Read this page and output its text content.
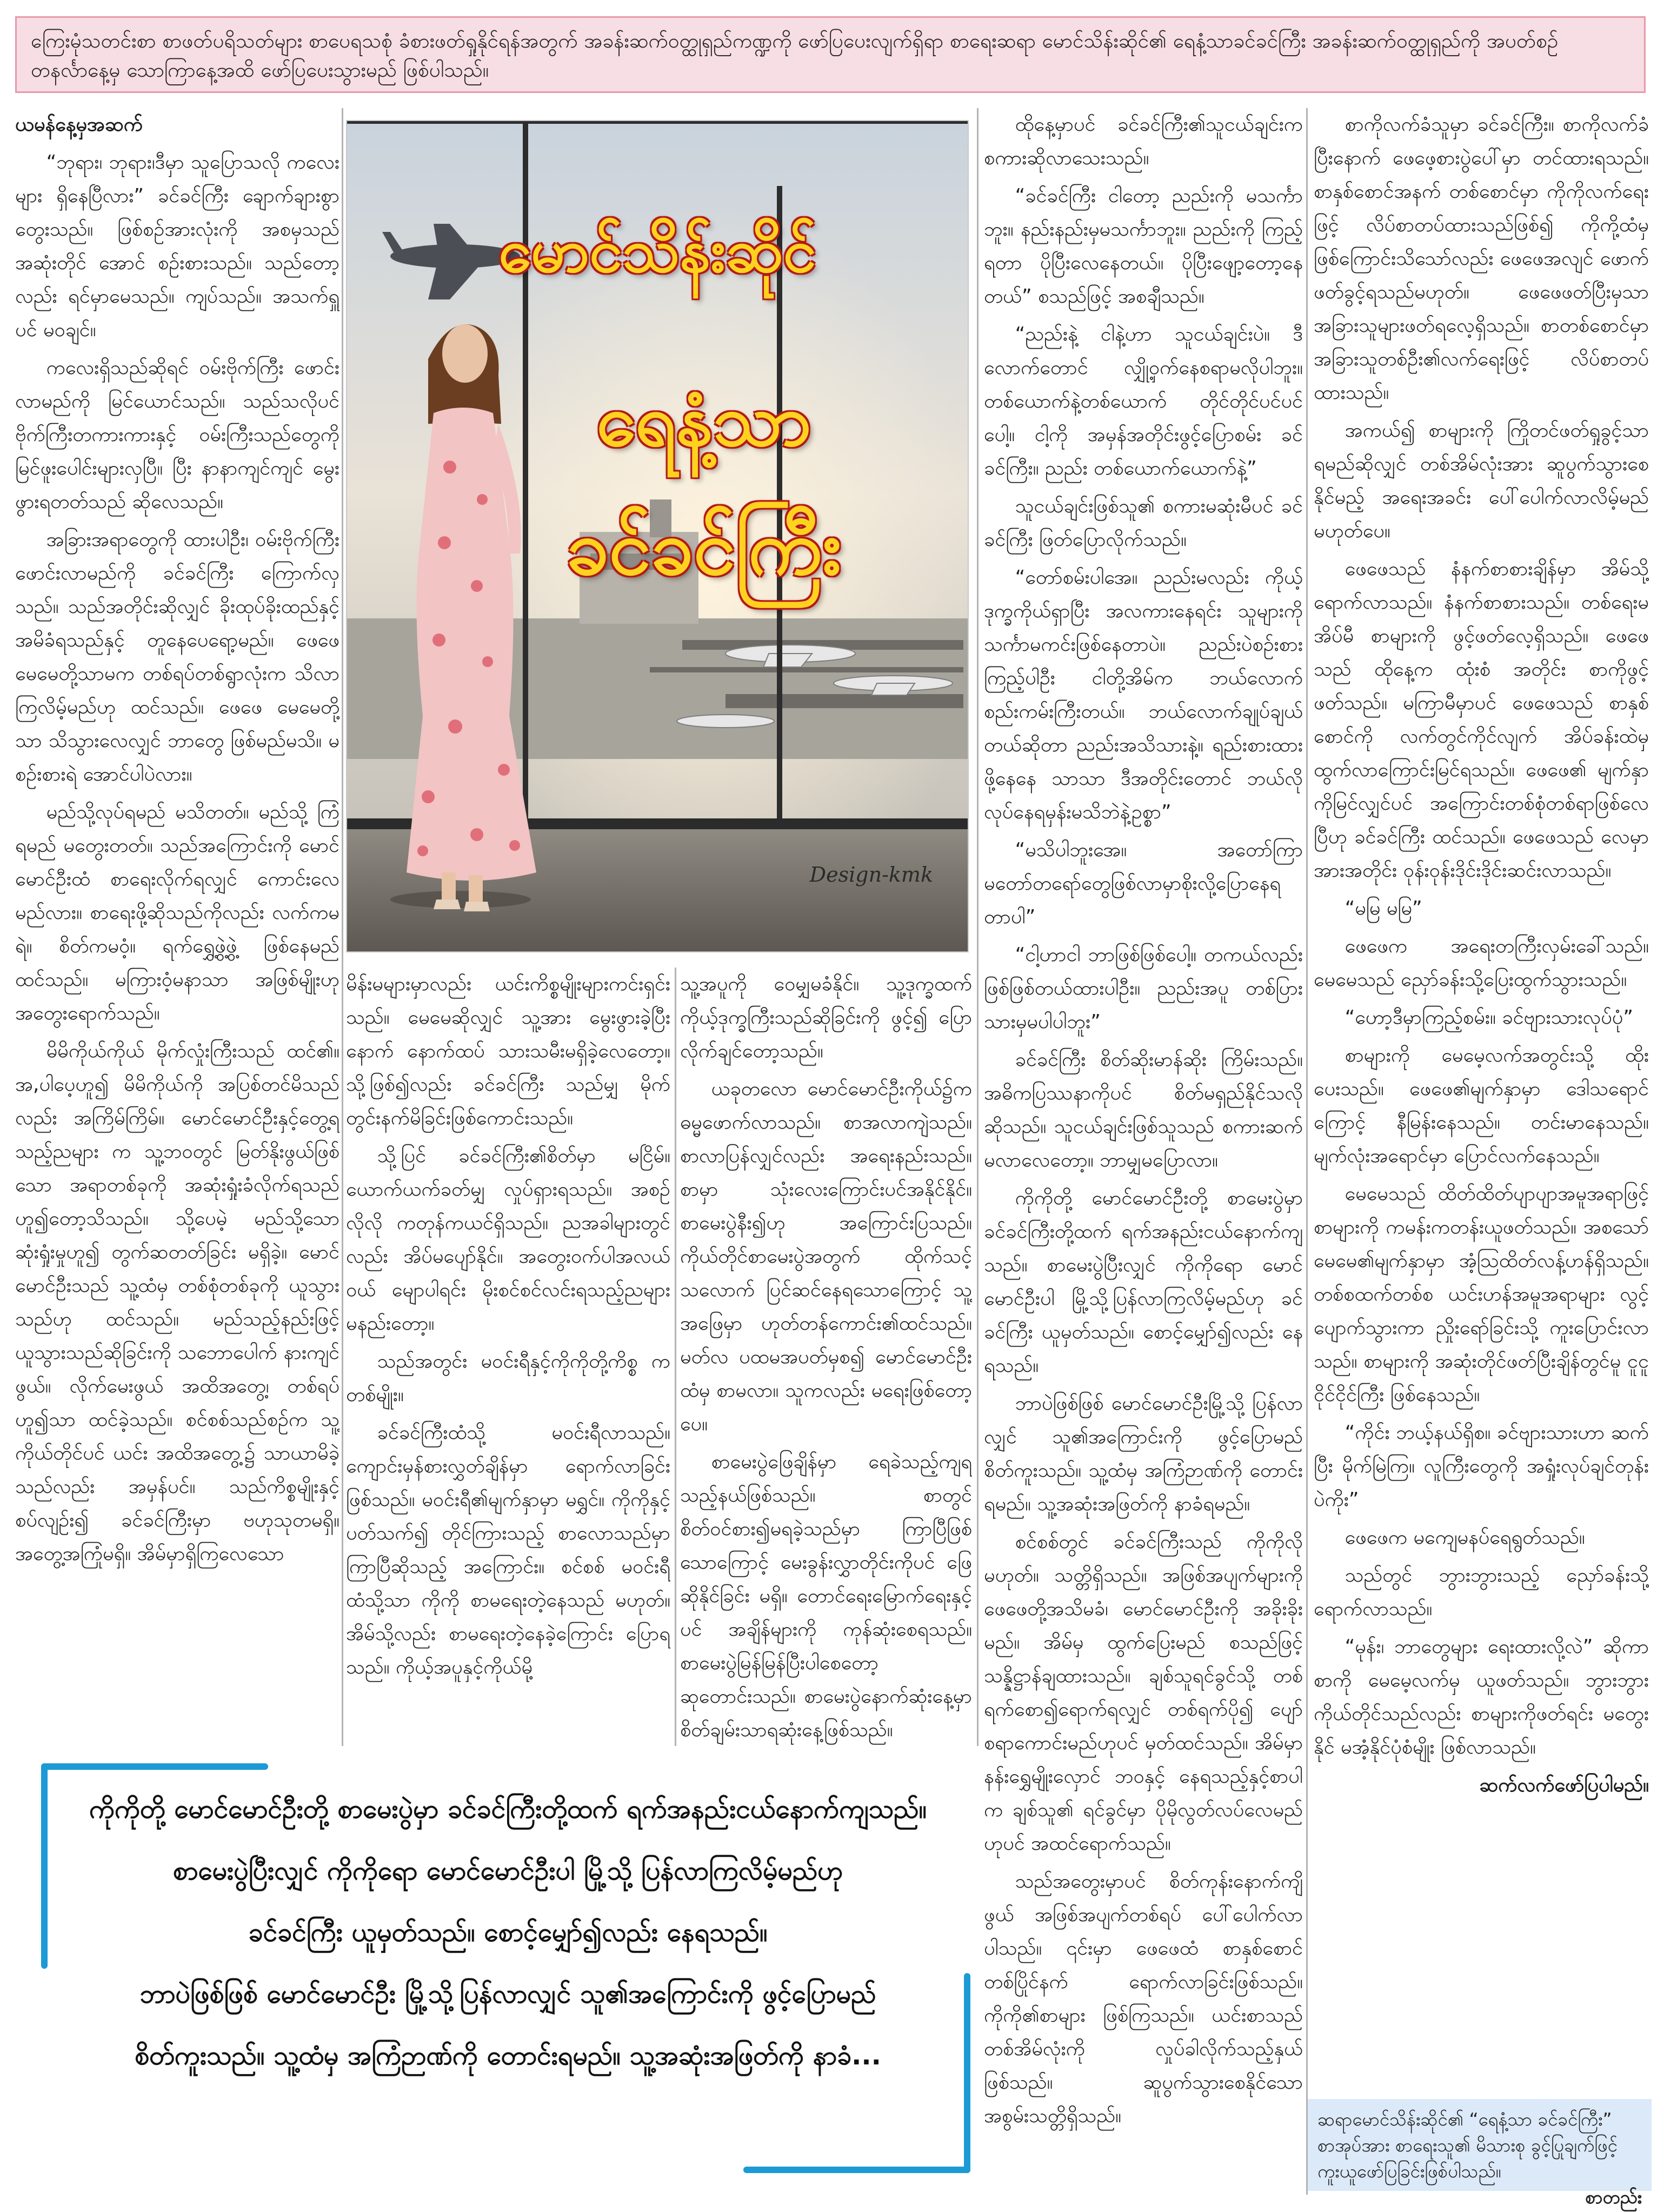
ကြေးမုံသတင်းစာ စာဖတ်ပရိသတ်များ စာပေရသစုံ ခံစားဖတ်ရှုနိုင်ရန်အတွက် အခန်းဆက်ဝတ္ထုရှည်ကဏ္ဍကို ဖော်ပြပေးလျက်ရှိရာ စာရေးဆရာ မောင်သိန်းဆိုင်၏ ရေနံ့သာခင်ခင်ကြီး အခန်းဆက်ဝတ္ထုရှည်ကို အပတ်စဉ် တနင်္လာနေ့မှ သောကြာနေ့အထိ ဖော်ပြပေးသွားမည် ဖြစ်ပါသည်။

ယမန်နေ့မှအဆက်

“ဘုရား၊ ဘုရား၊ဒီမှာ သူပြောသလို ကလေးများ ရှိနေပြီလား” ခင်ခင်ကြီး ချောက်ချားစွာ တွေးသည်။ ဖြစ်စဉ်အားလုံးကို အစမှသည် အဆုံးတိုင် အောင် စဉ်းစားသည်။ သည်တော့လည်း ရင်မှာမေသည်။ ကျပ်သည်။ အသက်ရှူပင် မဝချင်။

ကလေးရှိသည်ဆိုရင် ဝမ်းဗိုက်ကြီး ဖောင်းလာမည်ကို မြင်ယောင်သည်။ သည်သလိုပင် ဗိုက်ကြီးတကားကားနှင့် ဝမ်းကြီးသည်တွေကို မြင်ဖူးပေါင်းများလှပြီ။ ပြီး နာနာကျင်ကျင် မွေးဖွားရတတ်သည် ဆိုလေသည်။

အခြားအရာတွေကို ထားပါဦး၊ ဝမ်းဗိုက်ကြီးဖောင်းလာမည်ကို ခင်ခင်ကြီး ကြောက်လှသည်။ သည်အတိုင်းဆိုလျှင် ခိုးထုပ်ခိုးထည်နှင့် အမိခံရသည်နှင့် တူနေပေရော့မည်။ ဖေဖေ မေမေတို့သာမက တစ်ရပ်တစ်ရွာလုံးက သိလာကြလိမ့်မည်ဟု ထင်သည်။ ဖေဖေ မေမေတို့သာ သိသွားလေလျှင် ဘာတွေ ဖြစ်မည်မသိ။ မစဉ်းစားရဲ အောင်ပါပဲလား။

မည်သို့လုပ်ရမည် မသိတတ်။ မည်သို့ ကြံရမည် မတွေးတတ်။ သည်အကြောင်းကို မောင်မောင်ဦးထံ စာရေးလိုက်ရလျှင် ကောင်းလေမည်လား။ စာရေးဖို့ဆိုသည်ကိုလည်း လက်ကမရဲ။ စိတ်ကမဝံ့။ ရက်ရွှေ့ဖွဲ့ဖွဲ့ ဖြစ်နေမည်ထင်သည်။ မကြားဝံ့မနာသာ အဖြစ်မျိုးဟု အတွေးရောက်သည်။

မိမိကိုယ်ကိုယ် မိုက်လှုံးကြီးသည် ထင်၏။ အ,ပါပေ့ဟူ၍ မိမိကိုယ်ကို အပြစ်တင်မိသည်လည်း အကြိမ်ကြိမ်။ မောင်မောင်ဦးနှင့်တွေ့ရသည့်ညများ က သူ့ဘဝတွင် မြတ်နိုးဖွယ်ဖြစ်သော အရာတစ်ခုကို အဆုံးရှုံးခံလိုက်ရသည်ဟူ၍တော့သိသည်။ သို့ပေမဲ့ မည်သို့သော ဆုံးရှုံးမှုဟူ၍ တွက်ဆတတ်ခြင်း မရှိခဲ့။ မောင်မောင်ဦးသည် သူ့ထံမှ တစ်စုံတစ်ခုကို ယူသွားသည်ဟု ထင်သည်။ မည်သည့်နည်းဖြင့် ယူသွားသည်ဆိုခြင်းကို သဘောပေါက် နားကျင်ဖွယ်။ လိုက်မေးဖွယ် အထိအတွေ့၊ တစ်ရပ်ဟူ၍သာ ထင်ခဲ့သည်။ စင်စစ်သည်စဉ်က သူ့ကိုယ်တိုင်ပင် ယင်း အထိအတွေ့၌ သာယာမိခဲ့သည်လည်း အမှန်ပင်။ သည်ကိစ္စမျိုးနှင့် စပ်လျဉ်း၍ ခင်ခင်ကြီးမှာ ဗဟုသုတမရှိ။ အတွေ့အကြုံမရှိ။ အိမ်မှာရှိကြလေသော

မောင်သိန်းဆိုင်
ရေနံ့သာ
ခင်ခင်ကြီး
Design-kmk

မိန်းမများမှာလည်း ယင်းကိစ္စမျိုးများကင်းရှင်းသည်။ မေမေဆိုလျှင် သူ့အား မွေးဖွားခဲ့ပြီးနောက် နောက်ထပ် သားသမီးမရှိခဲ့လေတော့။ သို့ဖြစ်၍လည်း ခင်ခင်ကြီး သည်မျှ မိုက်တွင်းနက်မိခြင်းဖြစ်ကောင်းသည်။

သို့ပြင် ခင်ခင်ကြီး၏စိတ်မှာ မငြိမ်။ ယောက်ယက်ခတ်မျှ လှုပ်ရှားရသည်။ အစဉ်လိုလို ကတုန်ကယင်ရှိသည်။ ညအခါများတွင်လည်း အိပ်မပျော်နိုင်။ အတွေးဝက်ပါအလယ်ဝယ် မျောပါရင်း မိုးစင်စင်လင်းရသည့်ညများ မနည်းတော့။

သည်အတွင်း မဝင်းရီနှင့်ကိုကိုတို့ကိစ္စ က တစ်မျိုး။

ခင်ခင်ကြီးထံသို့ မဝင်းရီလာသည်။ ကျောင်းမှန်စားလွှတ်ချိန်မှာ ရောက်လာခြင်းဖြစ်သည်။ မဝင်းရီ၏မျက်နှာမှာ မရွှင်။ ကိုကိုနှင့်ပတ်သက်၍ တိုင်ကြားသည့် စာလောသည်မှာ ကြာပြီဆိုသည့် အကြောင်း။ စင်စစ် မဝင်းရီထံသို့သာ ကိုကို စာမရေးတဲ့နေသည် မဟုတ်။ အိမ်သို့လည်း စာမရေးတဲ့နေခဲ့ကြောင်း ပြောရသည်။ ကိုယ့်အပူနှင့်ကိုယ်မို့

သူ့အပူကို ဝေမျှမခံနိုင်။ သူ့ဒုက္ခထက် ကိုယ့်ဒုက္ခကြီးသည်ဆိုခြင်းကို ဖွင့်၍ ပြောလိုက်ချင်တော့သည်။

ယခုတလော မောင်မောင်ဦးကိုယ်၌က ဓမ္မဖောက်လာသည်။ စာအလာကျဲသည်။ စာလာပြန်လျှင်လည်း အရေးနည်းသည်။ စာမှာ သုံးလေးကြောင်းပင်အနိုင်နိုင်။ စာမေးပွဲနီး၍ဟု အကြောင်းပြသည်။ ကိုယ်တိုင်စာမေးပွဲအတွက် ထိုက်သင့်သလောက် ပြင်ဆင်နေရသောကြောင့် သူ့အဖြေမှာ ဟုတ်တန်ကောင်း၏ထင်သည်။ မတ်လ ပထမအပတ်မှစ၍ မောင်မောင်ဦးထံမှ စာမလာ။ သူကလည်း မရေးဖြစ်တော့ပေ။

စာမေးပွဲဖြေချိန်မှာ ရေခဲသည့်ကျရသည့်နယ်ဖြစ်သည်။ စာတွင် စိတ်ဝင်စား၍မရခဲ့သည်မှာ ကြာပြီဖြစ်သောကြောင့် မေးခွန်းလွှာတိုင်းကိုပင် ဖြေဆိုနိုင်ခြင်း မရှိ။ တောင်ရေးမြောက်ရေးနှင့်ပင် အချိန်များကို ကုန်ဆုံးစေရသည်။ စာမေးပွဲမြန်မြန်ပြီးပါစေတော့ ဆုတောင်းသည်။ စာမေးပွဲနောက်ဆုံးနေ့မှာ စိတ်ချမ်းသာရဆုံးနေ့ဖြစ်သည်။

ထိုနေ့မှာပင် ခင်ခင်ကြီး၏သူငယ်ချင်းက စကားဆိုလာသေးသည်။

“ခင်ခင်ကြီး ငါတော့ ညည်းကို မသင်္ကာဘူး။ နည်းနည်းမှမသင်္ကာဘူး။ ညည်းကို ကြည့်ရတာ ပိုပြီးလေနေတယ်။ ပိုပြီးဖျော့တော့နေတယ်” စသည်ဖြင့် အစချီသည်။

“ညည်းနဲ့ ငါနဲ့ဟာ သူငယ်ချင်းပဲ။ ဒီလောက်တောင် လျှို့ဝှက်နေစရာမလိုပါဘူး။ တစ်ယောက်နဲ့တစ်ယောက် တိုင်တိုင်ပင်ပင်ပေါ့။ ငါ့ကို အမှန်အတိုင်းဖွင့်ပြောစမ်း ခင်ခင်ကြီး။ ညည်း တစ်ယောက်ယောက်နဲ့”

သူငယ်ချင်းဖြစ်သူ၏ စကားမဆုံးမီပင် ခင်ခင်ကြီး ဖြတ်ပြောလိုက်သည်။

“တော်စမ်းပါအေ။ ညည်းမလည်း ကိုယ့်ဒုက္ခကိုယ်ရှာပြီး အလကားနေရင်း သူများကို သင်္ကာမကင်းဖြစ်နေတာပဲ။ ညည်းပဲစဉ်းစားကြည့်ပါဦး ငါတို့အိမ်က ဘယ်လောက်စည်းကမ်းကြီးတယ်။ ဘယ်လောက်ချုပ်ချယ်တယ်ဆိုတာ ညည်းအသိသားနဲ့။ ရည်းစားထားဖို့နေနေ သာသာ ဒီအတိုင်းတောင် ဘယ်လိုလုပ်နေရမှန်းမသိဘဲနဲ့ဥစ္စာ”

“မသိပါဘူးအေ။ အတော်ကြာ မတော်တရော်တွေဖြစ်လာမှာစိုးလို့ပြောနေရတာပါ”

“ငါ့ဟာငါ ဘာဖြစ်ဖြစ်ပေါ့။ တကယ်လည်းဖြစ်ဖြစ်တယ်ထားပါဦး။ ညည်းအပူ တစ်ပြားသားမှမပါပါဘူး”

ခင်ခင်ကြီး စိတ်ဆိုးမာန်ဆိုး ကြိမ်းသည်။ အဓိကပြဿနာကိုပင် စိတ်မရှည်နိုင်သလိုဆိုသည်။ သူငယ်ချင်းဖြစ်သူသည် စကားဆက်မလာလေတော့။ ဘာမျှမပြောလာ။

ကိုကိုတို့ မောင်မောင်ဦးတို့ စာမေးပွဲမှာ ခင်ခင်ကြီးတို့ထက် ရက်အနည်းငယ်နောက်ကျသည်။ စာမေးပွဲပြီးလျှင် ကိုကိုရော မောင်မောင်ဦးပါ မြို့သို့ပြန်လာကြလိမ့်မည်ဟု ခင်ခင်ကြီး ယူမှတ်သည်။ စောင့်မျှော်၍လည်း နေရသည်။

ဘာပဲဖြစ်ဖြစ် မောင်မောင်ဦးမြို့သို့ ပြန်လာလျှင် သူ၏အကြောင်းကို ဖွင့်ပြောမည် စိတ်ကူးသည်။ သူ့ထံမှ အကြံဉာဏ်ကို တောင်းရမည်။ သူ့အဆုံးအဖြတ်ကို နာခံရမည်။

စင်စစ်တွင် ခင်ခင်ကြီးသည် ကိုကိုလိုမဟုတ်။ သတ္တိရှိသည်။ အဖြစ်အပျက်များကို ဖေဖေတို့အသိမခံ၊ မောင်မောင်ဦးကို အခိုးခိုးမည်။ အိမ်မှ ထွက်ပြေးမည် စသည်ဖြင့် သန္နိဋ္ဌာန်ချထားသည်။ ချစ်သူရင်ခွင်သို့ တစ်ရက်စော၍ရောက်ရလျှင် တစ်ရက်ပို၍ ပျော်စရာကောင်းမည်ဟုပင် မှတ်ထင်သည်။ အိမ်မှာ နန်းရွှေမျိုးလှောင် ဘဝနှင့် နေရသည့်နှင့်စာပါက ချစ်သူ၏ ရင်ခွင်မှာ ပိုမိုလွတ်လပ်လေမည်ဟုပင် အထင်ရောက်သည်။

သည်အတွေးမှာပင် စိတ်ကုန်းနောက်ကျိဖွယ် အဖြစ်အပျက်တစ်ရပ် ပေါ်ပေါက်လာပါသည်။ ၎င်းမှာ ဖေဖေထံ စာနှစ်စောင် တစ်ပြိုင်နက် ရောက်လာခြင်းဖြစ်သည်။ ကိုကို၏စာများ ဖြစ်ကြသည်။ ယင်းစာသည် တစ်အိမ်လုံးကို လှုပ်ခါလိုက်သည့်နှယ်ဖြစ်သည်။ ဆူပွက်သွားစေနိုင်သော အစွမ်းသတ္တိရှိသည်။

စာကိုလက်ခံသူမှာ ခင်ခင်ကြီး။ စာကိုလက်ခံပြီးနောက် ဖေဖေ့စားပွဲပေါ်မှာ တင်ထားရသည်။ စာနှစ်စောင်အနက် တစ်စောင်မှာ ကိုကိုလက်ရေးဖြင့် လိပ်စာတပ်ထားသည်ဖြစ်၍ ကိုကို့ထံမှဖြစ်ကြောင်းသိသော်လည်း ဖေဖေအလျင် ဖောက်ဖတ်ခွင့်ရသည်မဟုတ်။ ဖေဖေဖတ်ပြီးမှသာ အခြားသူများဖတ်ရလေ့ရှိသည်။ စာတစ်စောင်မှာ အခြားသူတစ်ဦး၏လက်ရေးဖြင့် လိပ်စာတပ်ထားသည်။

အကယ်၍ စာများကို ကြိုတင်ဖတ်ရှုခွင့်သာ ရမည်ဆိုလျှင် တစ်အိမ်လုံးအား ဆူပွက်သွားစေနိုင်မည့် အရေးအခင်း ပေါ်ပေါက်လာလိမ့်မည်မဟုတ်ပေ။

ဖေဖေသည် နံနက်စာစားချိန်မှာ အိမ်သို့ရောက်လာသည်။ နံနက်စာစားသည်။ တစ်ရေးမအိပ်မီ စာများကို ဖွင့်ဖတ်လေ့ရှိသည်။ ဖေဖေသည် ထိုနေ့က ထုံးစံ အတိုင်း စာကိုဖွင့်ဖတ်သည်။ မကြာမီမှာပင် ဖေဖေသည် စာနှစ်စောင်ကို လက်တွင်ကိုင်လျက် အိပ်ခန်းထဲမှ ထွက်လာကြောင်းမြင်ရသည်။ ဖေဖေ၏ မျက်နှာကိုမြင်လျှင်ပင် အကြောင်းတစ်စုံတစ်ရာဖြစ်လေပြီဟု ခင်ခင်ကြီး ထင်သည်။ ဖေဖေသည် လေမှာအားအတိုင်း ဝုန်းဝုန်းဒိုင်းဒိုင်းဆင်းလာသည်။

“မမြ မမြ”

ဖေဖေက အရေးတကြီးလှမ်းခေါ်သည်။ မေမေသည် ညှော်ခန်းသို့ပြေးထွက်သွားသည်။

“ဟော့ဒီမှာကြည့်စမ်း။ ခင်ဗျားသားလုပ်ပုံ”

စာများကို မေမေ့လက်အတွင်းသို့ ထိုးပေးသည်။ ဖေဖေ၏မျက်နှာမှာ ဒေါသရောင်ကြောင့် နီမြန်းနေသည်။ တင်းမာနေသည်။ မျက်လုံးအရောင်မှာ ပြောင်လက်နေသည်။

မေမေသည် ထိတ်ထိတ်ပျာပျာအမူအရာဖြင့် စာများကို ကမန်းကတန်းယူဖတ်သည်။ အစသော် မေမေ၏မျက်နှာမှာ အံ့သြထိတ်လန့်ဟန်ရှိသည်။ တစ်စထက်တစ်စ ယင်းဟန်အမူအရာများ လွင့်ပျောက်သွားကာ ညှိုးရော်ခြင်းသို့ ကူးပြောင်းလာသည်။ စာများကို အဆုံးတိုင်ဖတ်ပြီးချိန်တွင်မူ ငူငူငိုင်ငိုင်ကြီး ဖြစ်နေသည်။

“ကိုင်း ဘယ့်နယ်ရှိစ။ ခင်ဗျားသားဟာ ဆက်ပြီး မိုက်မြဲကြ။ လူကြီးတွေကို အရှုံးလုပ်ချင်တုန်းပဲကိုး”

ဖေဖေက မကျေမနပ်ရေရွတ်သည်။

သည်တွင် ဘွားဘွားသည့် ညှော်ခန်းသို့ ရောက်လာသည်။

“မုန်း၊ ဘာတွေများ ရေးထားလို့လဲ” ဆိုကာ စာကို မေမေ့လက်မှ ယူဖတ်သည်။ ဘွားဘွားကိုယ်တိုင်သည်လည်း စာများကိုဖတ်ရင်း မတွေးနိုင် မအံ့နိုင်ပုံစံမျိုး ဖြစ်လာသည်။

ဆက်လက်ဖော်ပြပါမည်။

ကိုကိုတို့ မောင်မောင်ဦးတို့ စာမေးပွဲမှာ ခင်ခင်ကြီးတို့ထက် ရက်အနည်းငယ်နောက်ကျသည်။

စာမေးပွဲပြီးလျှင် ကိုကိုရော မောင်မောင်ဦးပါ မြို့သို့ ပြန်လာကြလိမ့်မည်ဟု

ခင်ခင်ကြီး ယူမှတ်သည်။ စောင့်မျှော်၍လည်း နေရသည်။

ဘာပဲဖြစ်ဖြစ် မောင်မောင်ဦး မြို့သို့ပြန်လာလျှင် သူ၏အကြောင်းကို ဖွင့်ပြောမည်

စိတ်ကူးသည်။ သူ့ထံမှ အကြံဉာဏ်ကို တောင်းရမည်။ သူ့အဆုံးအဖြတ်ကို နာခံ...

ဆရာမောင်သိန်းဆိုင်၏ “ရေနံ့သာ ခင်ခင်ကြီး” စာအုပ်အား စာရေးသူ၏ မိသားစု ခွင့်ပြုချက်ဖြင့် ကူးယူဖော်ပြခြင်းဖြစ်ပါသည်။
စာတည်း
